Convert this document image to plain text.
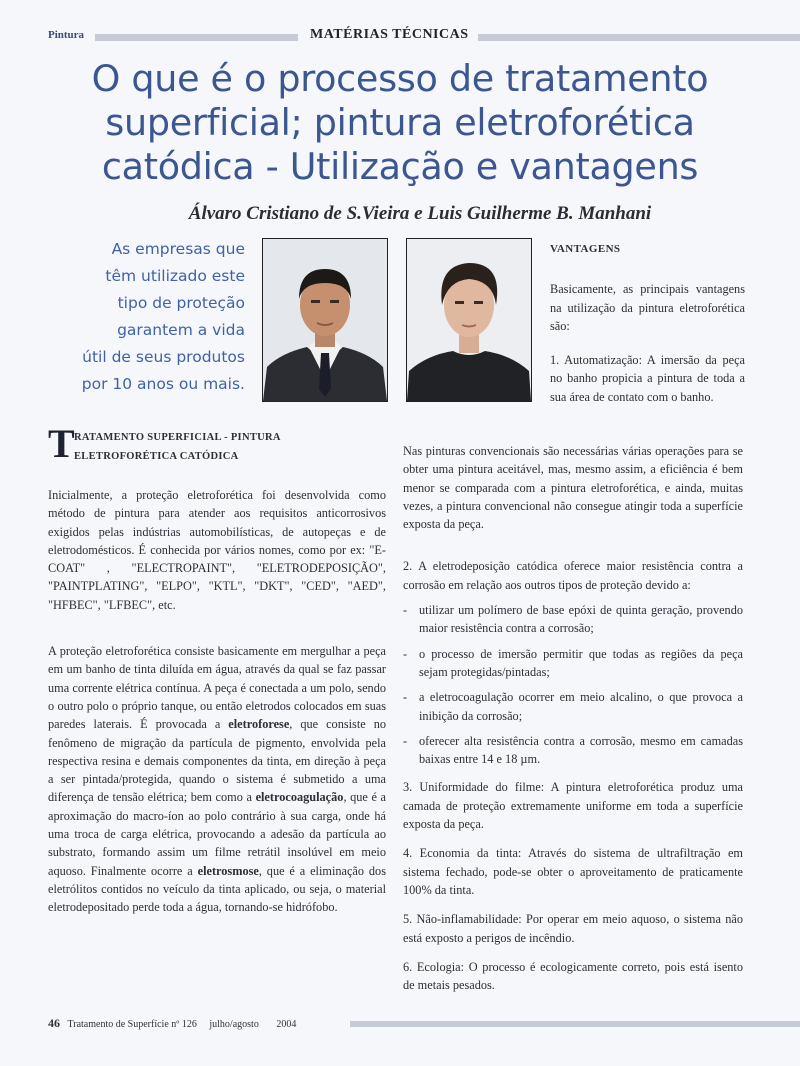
Pintura	MATÉRIAS TÉCNICAS
O que é o processo de tratamento
superficial; pintura eletroforética
catódica - Utilização e vantagens
Álvaro Cristiano de S.Vieira e Luis Guilherme B. Manhani
As empresas que
têm utilizado este
tipo de proteção
garantem a vida
útil de seus produtos
por 10 anos ou mais.
VANTAGENS

Basicamente, as principais vantagens na utilização da pintura eletroforética são:

1. Automatização: A imersão da peça no banho propicia a pintura de toda a sua área de contato com o banho.

T RATAMENTO SUPERFICIAL - PINTURA
ELETROFORÉTICA CATÓDICA

Inicialmente, a proteção eletroforética foi desenvolvida como método de pintura para atender aos requisitos anticorrosivos exigidos pelas indústrias automobilísticas, de autopeças e de eletrodomésticos. É conhecida por vários nomes, como por ex: "E-COAT" , "ELECTROPAINT", "ELETRODEPOSIÇÃO", "PAINTPLATING", "ELPO", "KTL", "DKT", "CED", "AED", "HFBEC", "LFBEC", etc.

A proteção eletroforética consiste basicamente em mergulhar a peça em um banho de tinta diluída em água, através da qual se faz passar uma corrente elétrica contínua. A peça é conectada a um polo, sendo o outro polo o próprio tanque, ou então eletrodos colocados em suas paredes laterais. É provocada a eletroforese, que consiste no fenômeno de migração da partícula de pigmento, envolvida pela respectiva resina e demais componentes da tinta, em direção à peça a ser pintada/protegida, quando o sistema é submetido a uma diferença de tensão elétrica; bem como a eletrocoagulação, que é a aproximação do macro-íon ao polo contrário à sua carga, onde há uma troca de carga elétrica, provocando a adesão da partícula ao substrato, formando assim um filme retrátil insolúvel em meio aquoso. Finalmente ocorre a eletrosmose, que é a eliminação dos eletrólitos contidos no veículo da tinta aplicado, ou seja, o material eletrodepositado perde toda a água, tornando-se hidrófobo.

Nas pinturas convencionais são necessárias várias operações para se obter uma pintura aceitável, mas, mesmo assim, a eficiência é bem menor se comparada com a pintura eletroforética, e ainda, muitas vezes, a pintura convencional não consegue atingir toda a superfície exposta da peça.

2. A eletrodeposição catódica oferece maior resistência contra a corrosão em relação aos outros tipos de proteção devido a:

- utilizar um polímero de base epóxi de quinta geração, provendo maior resistência contra a corrosão;
- o processo de imersão permitir que todas as regiões da peça sejam protegidas/pintadas;
- a eletrocoagulação ocorrer em meio alcalino, o que provoca a inibição da corrosão;
- oferecer alta resistência contra a corrosão, mesmo em camadas baixas entre 14 e 18 µm.

3. Uniformidade do filme: A pintura eletroforética produz uma camada de proteção extremamente uniforme em toda a superfície exposta da peça.

4. Economia da tinta: Através do sistema de ultrafiltração em sistema fechado, pode-se obter o aproveitamento de praticamente 100% da tinta.

5. Não-inflamabilidade: Por operar em meio aquoso, o sistema não está exposto a perigos de incêndio.

6. Ecologia: O processo é ecologicamente correto, pois está isento de metais pesados.

46 Tratamento de Superfície nº 126 julho/agosto 2004
